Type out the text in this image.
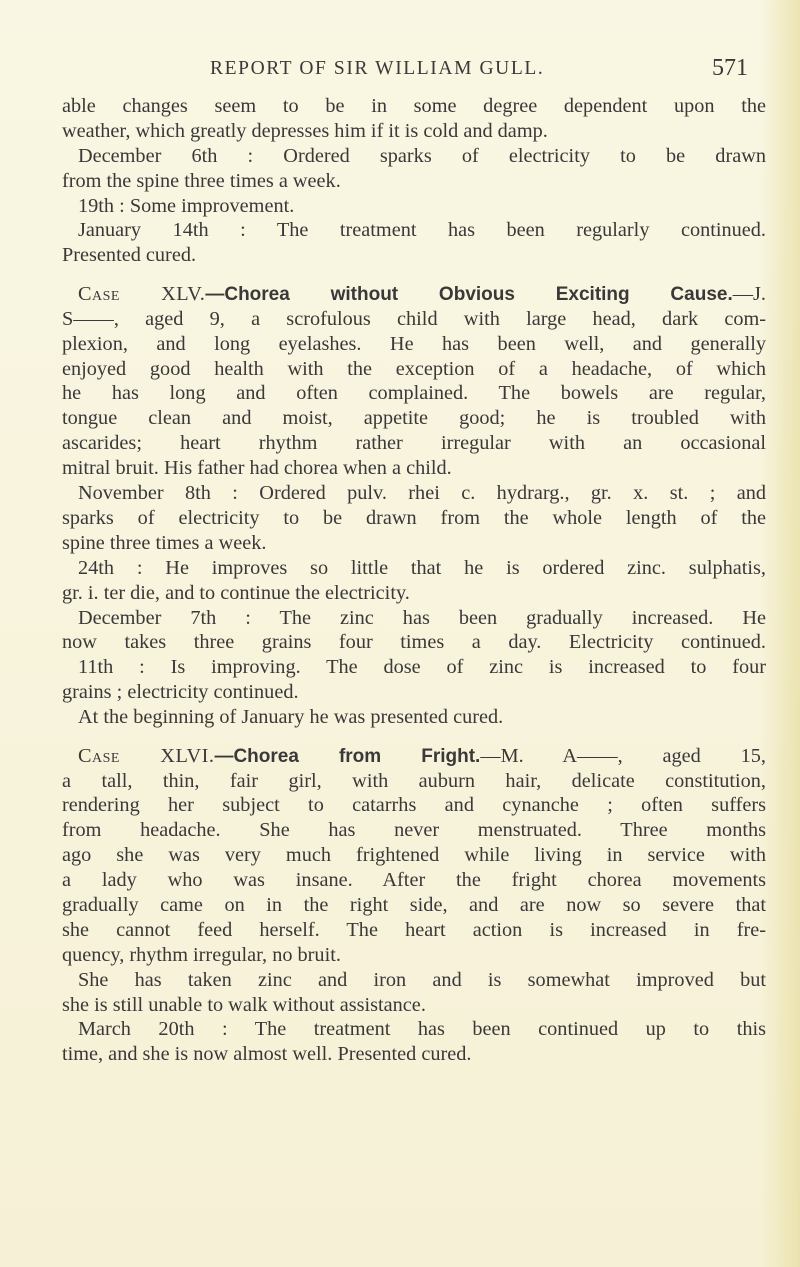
REPORT OF SIR WILLIAM GULL.	571
able changes seem to be in some degree dependent upon the
weather, which greatly depresses him if it is cold and damp.
December 6th : Ordered sparks of electricity to be drawn
from the spine three times a week.
19th : Some improvement.
January 14th : The treatment has been regularly continued.
Presented cured.
Case XLV.—Chorea without Obvious Exciting Cause.—J.
S——, aged 9, a scrofulous child with large head, dark com-
plexion, and long eyelashes. He has been well, and generally
enjoyed good health with the exception of a headache, of which
he has long and often complained. The bowels are regular,
tongue clean and moist, appetite good; he is troubled with
ascarides; heart rhythm rather irregular with an occasional
mitral bruit. His father had chorea when a child.
November 8th : Ordered pulv. rhei c. hydrarg., gr. x. st. ; and
sparks of electricity to be drawn from the whole length of the
spine three times a week.
24th : He improves so little that he is ordered zinc. sulphatis,
gr. i. ter die, and to continue the electricity.
December 7th : The zinc has been gradually increased. He
now takes three grains four times a day. Electricity continued.
11th : Is improving. The dose of zinc is increased to four
grains ; electricity continued.
At the beginning of January he was presented cured.
Case XLVI.—Chorea from Fright.—M. A——, aged 15,
a tall, thin, fair girl, with auburn hair, delicate constitution,
rendering her subject to catarrhs and cynanche ; often suffers
from headache. She has never menstruated. Three months
ago she was very much frightened while living in service with
a lady who was insane. After the fright chorea movements
gradually came on in the right side, and are now so severe that
she cannot feed herself. The heart action is increased in fre-
quency, rhythm irregular, no bruit.
She has taken zinc and iron and is somewhat improved but
she is still unable to walk without assistance.
March 20th : The treatment has been continued up to this
time, and she is now almost well. Presented cured.
